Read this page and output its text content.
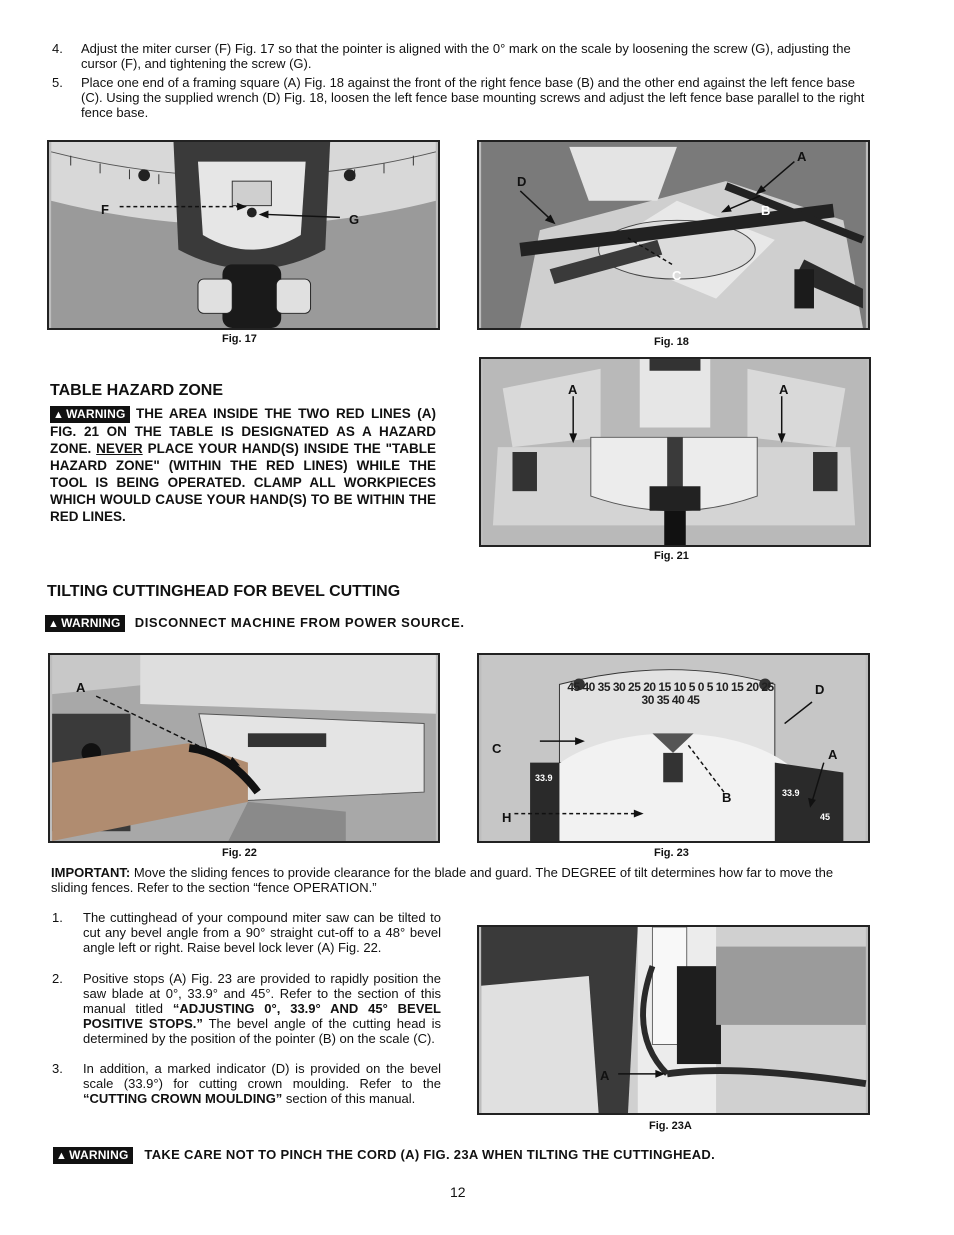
4. Adjust the miter curser (F) Fig. 17 so that the pointer is aligned with the 0° mark on the scale by loosening the screw (G), adjusting the cursor (F), and tightening the screw (G).
5. Place one end of a framing square (A) Fig. 18 against the front of the right fence base (B) and the other end against the left fence base (C). Using the supplied wrench (D) Fig. 18, loosen the left fence base mounting screws and adjust the left fence base parallel to the right fence base.
F
G
Fig. 17
A
B
C
D
Fig. 18
TABLE HAZARD ZONE
▲ WARNING THE AREA INSIDE THE TWO RED LINES (A) FIG. 21 ON THE TABLE IS DESIGNATED AS A HAZARD ZONE. NEVER PLACE YOUR HAND(S) INSIDE THE "TABLE HAZARD ZONE" (WITHIN THE RED LINES) WHILE THE TOOL IS BEING OPERATED. CLAMP ALL WORKPIECES WHICH WOULD CAUSE YOUR HAND(S) TO BE WITHIN THE RED LINES.
A	A
Fig. 21
TILTING CUTTINGHEAD FOR BEVEL CUTTING
▲ WARNING DISCONNECT MACHINE FROM POWER SOURCE.
A
Fig. 22
45 40 35 30 25 20 15 10 5 0 5 10 15 20 25 30 35 40 45
33.9
33.9
45
A
B
C
D
H
Fig. 23
IMPORTANT: Move the sliding fences to provide clearance for the blade and guard. The DEGREE of tilt determines how far to move the sliding fences. Refer to the section “fence OPERATION.”
1. The cuttinghead of your compound miter saw can be tilted to cut any bevel angle from a 90° straight cut-off to a 48° bevel angle left or right. Raise bevel lock lever (A) Fig. 22.
2. Positive stops (A) Fig. 23 are provided to rapidly position the saw blade at 0°, 33.9° and 45°. Refer to the section of this manual titled “ADJUSTING 0°, 33.9° AND 45° BEVEL POSITIVE STOPS.” The bevel angle of the cutting head is determined by the position of the pointer (B) on the scale (C).
3. In addition, a marked indicator (D) is provided on the bevel scale (33.9°) for cutting crown moulding. Refer to the “CUTTING CROWN MOULDING” section of this manual.
A
Fig. 23A
▲ WARNING TAKE CARE NOT TO PINCH THE CORD (A) FIG. 23A WHEN TILTING THE CUTTINGHEAD.
12
